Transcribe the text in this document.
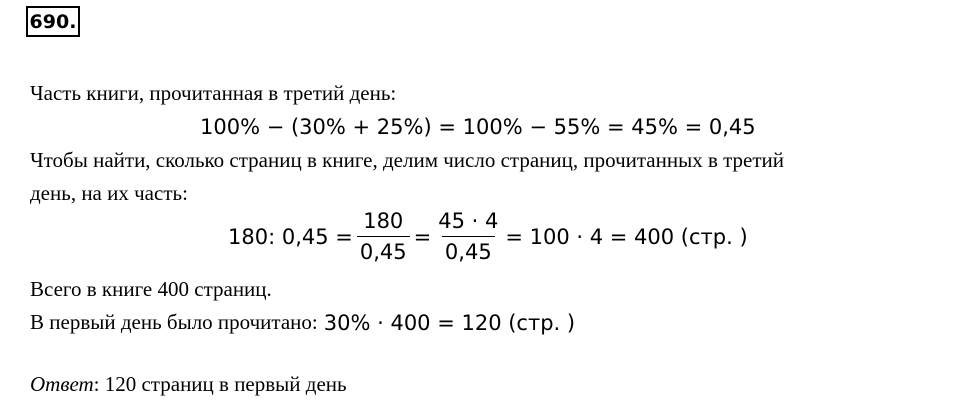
690.
Часть книги, прочитанная в третий день:
100% − (30% + 25%) = 100% − 55% = 45% = 0,45
Чтобы найти, сколько страниц в книге, делим число страниц, прочитанных в третий
день, на их часть:
180: $0,45 = \frac{180}{0,45} = \frac{45 \cdot 4}{0,45} = 100 \cdot 4 = 400$ (стр. )
Всего в книге 400 страниц.
В первый день было прочитано: 30% · 400 = 120 (стр. )
Ответ: 120 страниц в первый день
